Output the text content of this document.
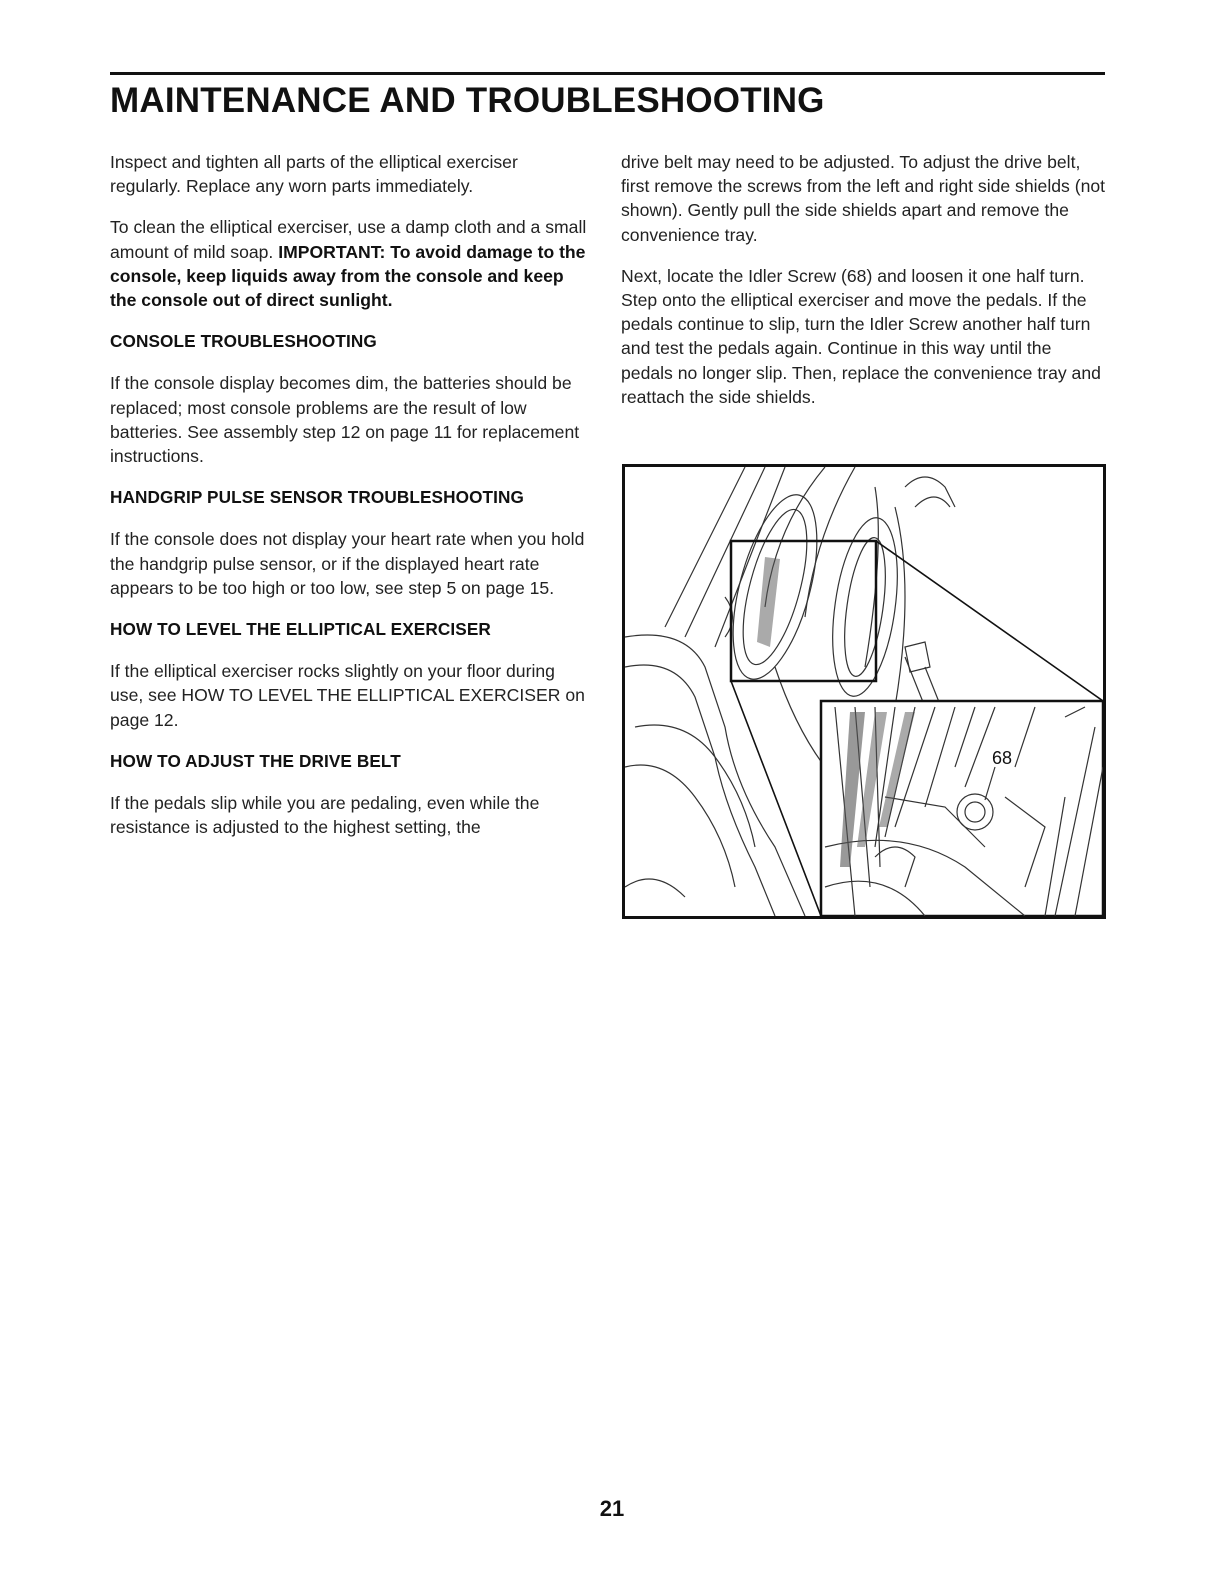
MAINTENANCE AND TROUBLESHOOTING

Inspect and tighten all parts of the elliptical exerciser regularly. Replace any worn parts immediately.

To clean the elliptical exerciser, use a damp cloth and a small amount of mild soap. IMPORTANT: To avoid damage to the console, keep liquids away from the console and keep the console out of direct sunlight.

CONSOLE TROUBLESHOOTING

If the console display becomes dim, the batteries should be replaced; most console problems are the result of low batteries. See assembly step 12 on page 11 for replacement instructions.

HANDGRIP PULSE SENSOR TROUBLESHOOTING

If the console does not display your heart rate when you hold the handgrip pulse sensor, or if the displayed heart rate appears to be too high or too low, see step 5 on page 15.

HOW TO LEVEL THE ELLIPTICAL EXERCISER

If the elliptical exerciser rocks slightly on your floor during use, see HOW TO LEVEL THE ELLIPTICAL EXERCISER on page 12.

HOW TO ADJUST THE DRIVE BELT

If the pedals slip while you are pedaling, even while the resistance is adjusted to the highest setting, the

drive belt may need to be adjusted. To adjust the drive belt, first remove the screws from the left and right side shields (not shown). Gently pull the side shields apart and remove the convenience tray.

Next, locate the Idler Screw (68) and loosen it one half turn. Step onto the elliptical exerciser and move the pedals. If the pedals continue to slip, turn the Idler Screw another half turn and test the pedals again. Continue in this way until the pedals no longer slip. Then, replace the convenience tray and reattach the side shields.

68
21
